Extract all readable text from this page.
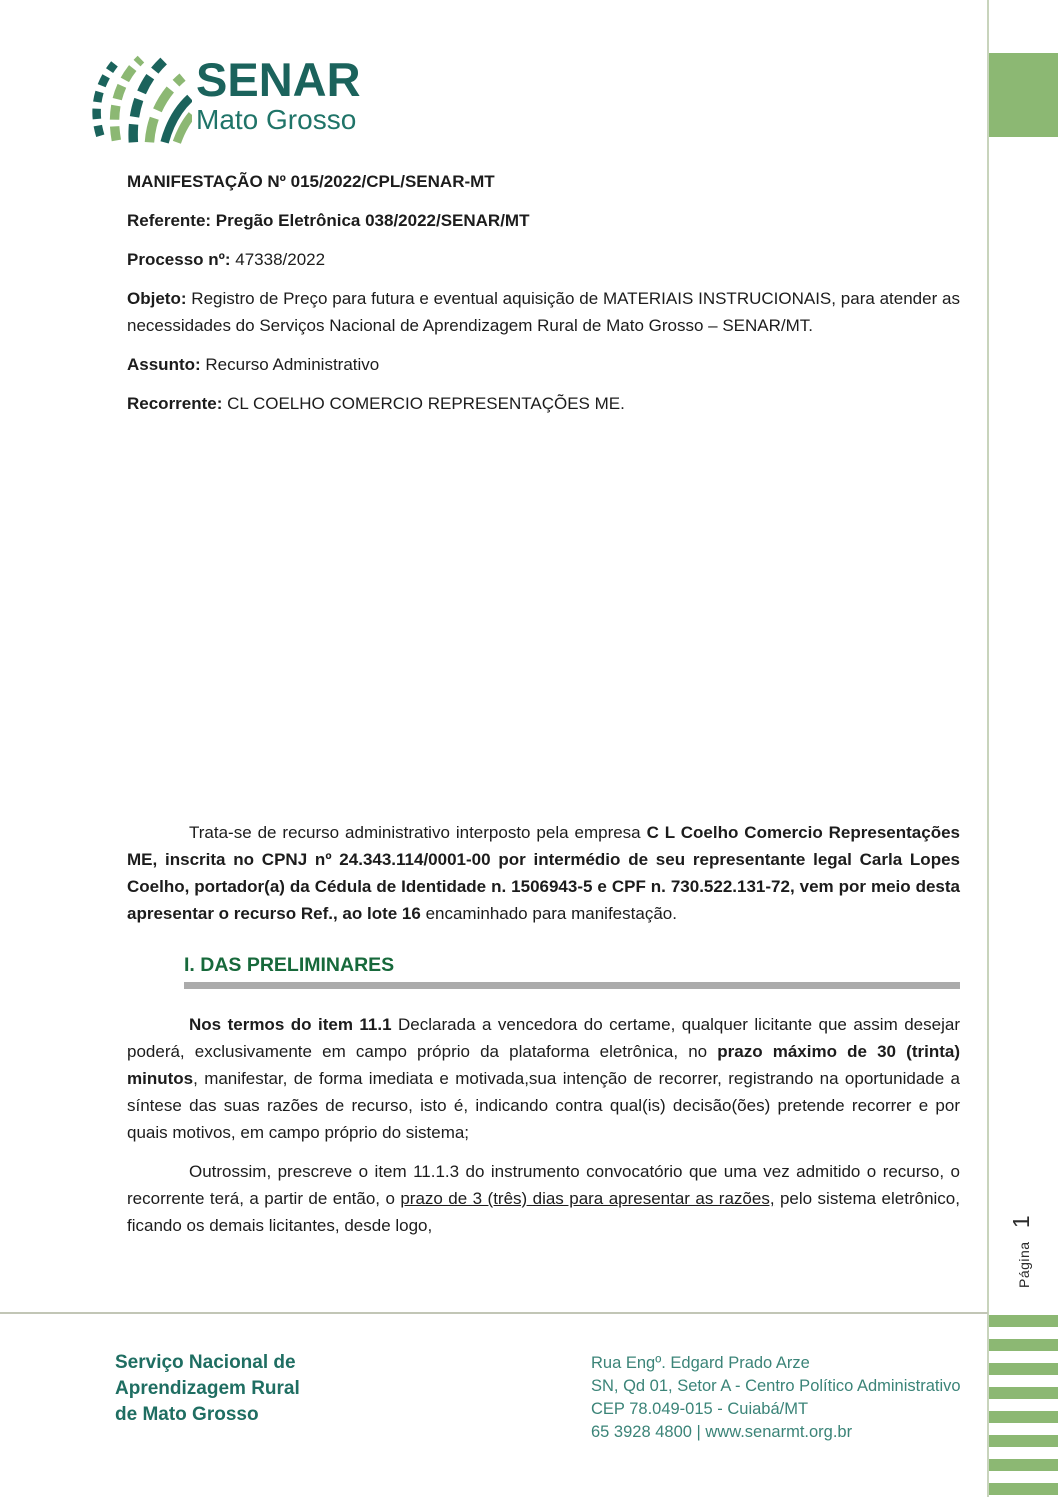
Página   1
SENAR
Mato Grosso

MANIFESTAÇÃO Nº 015/2022/CPL/SENAR-MT

Referente: Pregão Eletrônica 038/2022/SENAR/MT

Processo nº: 47338/2022

Objeto: Registro de Preço para futura e eventual aquisição de MATERIAIS INSTRUCIONAIS, para atender as necessidades do Serviços Nacional de Aprendizagem Rural de Mato Grosso – SENAR/MT.

Assunto: Recurso Administrativo

Recorrente: CL COELHO COMERCIO REPRESENTAÇÕES ME.

Trata-se de recurso administrativo interposto pela empresa C L Coelho Comercio Representações ME, inscrita no CPNJ nº 24.343.114/0001-00 por intermédio de seu representante legal Carla Lopes Coelho, portador(a) da Cédula de Identidade n. 1506943-5 e CPF n. 730.522.131-72, vem por meio desta apresentar o recurso Ref., ao lote 16 encaminhado para manifestação.

I. DAS PRELIMINARES

Nos termos do item 11.1 Declarada a vencedora do certame, qualquer licitante que assim desejar poderá, exclusivamente em campo próprio da plataforma eletrônica, no prazo máximo de 30 (trinta) minutos, manifestar, de forma imediata e motivada,sua intenção de recorrer, registrando na oportunidade a síntese das suas razões de recurso, isto é, indicando contra qual(is) decisão(ões) pretende recorrer e por quais motivos, em campo próprio do sistema;

Outrossim, prescreve o item 11.1.3 do instrumento convocatório que uma vez admitido o recurso, o recorrente terá, a partir de então, o prazo de 3 (três) dias para apresentar as razões, pelo sistema eletrônico, ficando os demais licitantes, desde logo,

Serviço Nacional de
Aprendizagem Rural
de Mato Grosso
Rua Engº. Edgard Prado Arze
SN, Qd 01, Setor A - Centro Político Administrativo
CEP 78.049-015 - Cuiabá/MT
65 3928 4800 | www.senarmt.org.br
